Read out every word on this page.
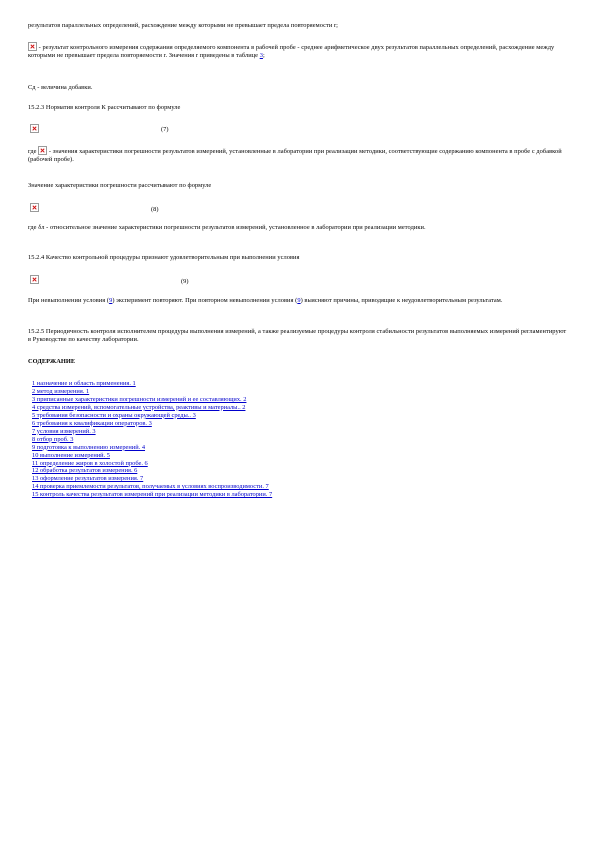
результатов параллельных определений, расхождение между которыми не превышает предела повторяемости r;
- результат контрольного измерения содержания определяемого компонента в рабочей пробе - среднее арифметическое двух результатов параллельных определений, расхождение между которыми не превышает предела повторяемости r. Значения r приведены в таблице 3;
Сд - величина добавки.
15.2.3 Норматив контроля К рассчитывают по формуле
(7)
где  - значения характеристики погрешности результатов измерений, установленные в лаборатории при реализации методики, соответствующие содержанию компонента в пробе с добавкой (рабочей пробе).
Значение характеристики погрешности рассчитывают по формуле
(8)
где δл - относительное значение характеристики погрешности результатов измерений, установленное в лаборатории при реализации методики.
15.2.4 Качество контрольной процедуры признают удовлетворительным при выполнении условия
(9)
При невыполнении условия (9) эксперимент повторяют. При повторном невыполнении условия (9) выясняют причины, приводящие к неудовлетворительным результатам.
15.2.5 Периодичность контроля исполнителем процедуры выполнения измерений, а также реализуемые процедуры контроля стабильности результатов выполняемых измерений регламентируют в Руководстве по качеству лаборатории.
СОДЕРЖАНИЕ
1 назначение и область применения. 1
2 метод измерения. 1
3 приписанные характеристики погрешности измерений и ее составляющих. 2
4 средства измерений, вспомогательные устройства, реактивы и материалы.. 2
5 требования безопасности и охраны окружающей среды.. 3
6 требования к квалификации операторов. 3
7 условия измерений. 3
8 отбор проб. 3
9 подготовка к выполнению измерений. 4
10 выполнение измерений. 5
11 определение жиров в холостой пробе. 6
12 обработка результатов измерения. 6
13 оформление результатов измерения. 7
14 проверка приемлемости результатов, получаемых в условиях воспроизводимости. 7
15 контроль качества результатов измерений при реализации методики в лаборатории. 7
